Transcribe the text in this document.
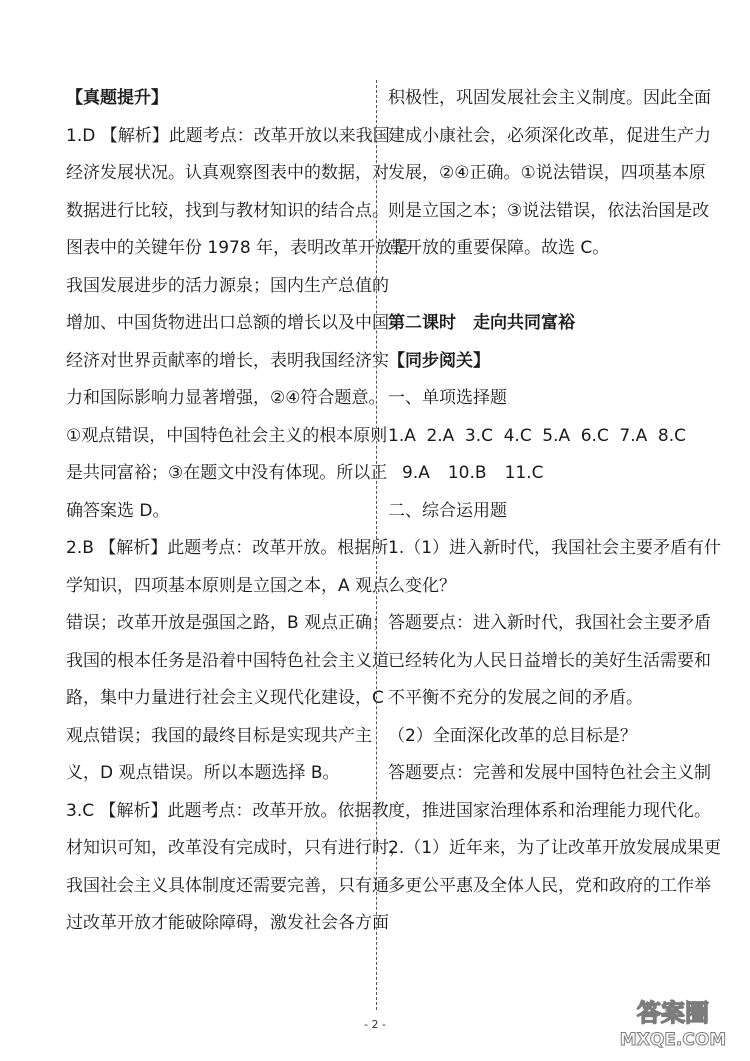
【真题提升】
1.D 【解析】此题考点：改革开放以来我国
经济发展状况。认真观察图表中的数据，对
数据进行比较，找到与教材知识的结合点。
图表中的关键年份 1978 年，表明改革开放是
我国发展进步的活力源泉；国内生产总值的
增加、中国货物进出口总额的增长以及中国
经济对世界贡献率的增长，表明我国经济实
力和国际影响力显著增强，②④符合题意。
①观点错误，中国特色社会主义的根本原则
是共同富裕；③在题文中没有体现。所以正
确答案选 D。
2.B 【解析】此题考点：改革开放。根据所
学知识，四项基本原则是立国之本，A 观点
错误；改革开放是强国之路，B 观点正确；
我国的根本任务是沿着中国特色社会主义道
路，集中力量进行社会主义现代化建设，C
观点错误；我国的最终目标是实现共产主
义，D 观点错误。所以本题选择 B。
3.C 【解析】此题考点：改革开放。依据教
材知识可知，改革没有完成时，只有进行时，
我国社会主义具体制度还需要完善，只有通
过改革开放才能破除障碍，激发社会各方面
积极性，巩固发展社会主义制度。因此全面
建成小康社会，必须深化改革，促进生产力
发展，②④正确。①说法错误，四项基本原
则是立国之本；③说法错误，依法治国是改
革开放的重要保障。故选 C。
第二课时　走向共同富裕
【同步阅关】
一、单项选择题
1.A 2.A 3.C 4.C 5.A 6.C 7.A 8.C
9.A 10.B 11.C
二、综合运用题
1.（1）进入新时代，我国社会主要矛盾有什
么变化？
答题要点：进入新时代，我国社会主要矛盾
已经转化为人民日益增长的美好生活需要和
不平衡不充分的发展之间的矛盾。
（2）全面深化改革的总目标是？
答题要点：完善和发展中国特色社会主义制
度，推进国家治理体系和治理能力现代化。
2.（1）近年来，为了让改革开放发展成果更
多更公平惠及全体人民，党和政府的工作举
- 2 -	答案圈
MXQE.COM
